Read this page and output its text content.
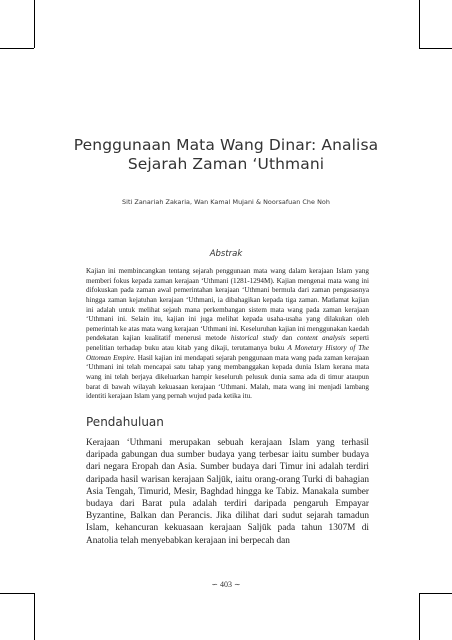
Penggunaan Mata Wang Dinar: Analisa
Sejarah Zaman ‘Uthmani
Siti Zanariah Zakaria, Wan Kamal Mujani & Noorsafuan Che Noh
Abstrak

Kajian ini membincangkan tentang sejarah penggunaan mata wang dalam kerajaan Islam yang memberi fokus kepada zaman kerajaan ‘Uthmani (1281-1294M). Kajian mengenai mata wang ini difokuskan pada zaman awal pemerintahan kerajaan ‘Uthmani bermula dari zaman pengasasnya hingga zaman kejatuhan kerajaan ‘Uthmani, ia dibahagikan kepada tiga zaman. Matlamat kajian ini adalah untuk melihat sejauh mana perkembangan sistem mata wang pada zaman kerajaan ‘Uthmani ini. Selain itu, kajian ini juga melihat kepada usaha-usaha yang dilakukan oleh pemerintah ke atas mata wang kerajaan ‘Uthmani ini. Keseluruhan kajian ini menggunakan kaedah pendekatan kajian kualitatif menerusi metode historical study dan content analysis seperti penelitian terhadap buku atau kitab yang dikaji, terutamanya buku A Monetary History of The Ottoman Empire. Hasil kajian ini mendapati sejarah penggunaan mata wang pada zaman kerajaan ‘Uthmani ini telah mencapai satu tahap yang membanggakan kepada dunia Islam kerana mata wang ini telah berjaya dikeluarkan hampir keseluruh pelusuk dunia sama ada di timur ataupun barat di bawah wilayah kekuasaan kerajaan ‘Uthmani. Malah, mata wang ini menjadi lambang identiti kerajaan Islam yang pernah wujud pada ketika itu.

Pendahuluan

Kerajaan ‘Uthmani merupakan sebuah kerajaan Islam yang terhasil daripada gabungan dua sumber budaya yang terbesar iaitu sumber budaya dari negara Eropah dan Asia. Sumber budaya dari Timur ini adalah terdiri daripada hasil warisan kerajaan Saljūk, iaitu orang-orang Turki di bahagian Asia Tengah, Timurid, Mesir, Baghdad hingga ke Tabiz. Manakala sumber budaya dari Barat pula adalah terdiri daripada pengaruh Empayar Byzantine, Balkan dan Perancis. Jika dilihat dari sudut sejarah tamadun Islam, kehancuran kekuasaan kerajaan Saljūk pada tahun 1307M di Anatolia telah menyebabkan kerajaan ini berpecah dan

∽ 403 ∼
